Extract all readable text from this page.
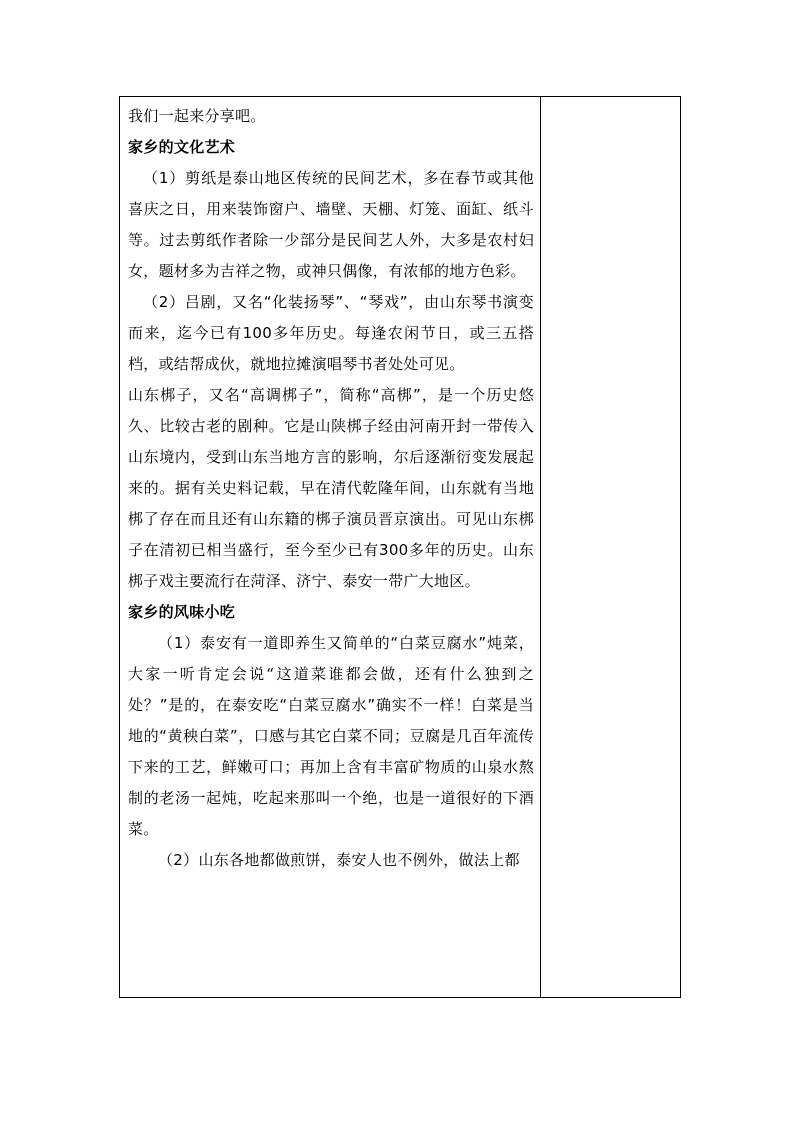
我们一起来分享吧。

家乡的文化艺术

（1）剪纸是泰山地区传统的民间艺术，多在春节或其他喜庆之日，用来装饰窗户、墙壁、天棚、灯笼、面缸、纸斗等。过去剪纸作者除一少部分是民间艺人外，大多是农村妇女，题材多为吉祥之物，或神只偶像，有浓郁的地方色彩。

（2）吕剧，又名“化装扬琴”、“琴戏”，由山东琴书演变而来，迄今已有100多年历史。每逢农闲节日，或三五搭档，或结帮成伙，就地拉摊演唱琴书者处处可见。

山东梆子，又名“高调梆子”，简称“高梆”，是一个历史悠久、比较古老的剧种。它是山陕梆子经由河南开封一带传入山东境内，受到山东当地方言的影响，尔后逐渐衍变发展起来的。据有关史料记载，早在清代乾隆年间，山东就有当地梆了存在而且还有山东籍的梆子演员晋京演出。可见山东梆子在清初已相当盛行，至今至少已有300多年的历史。山东梆子戏主要流行在菏泽、济宁、泰安一带广大地区。

家乡的风味小吃

（1）泰安有一道即养生又简单的“白菜豆腐水”炖菜，大家一听肯定会说“这道菜谁都会做，还有什么独到之处？”是的，在泰安吃“白菜豆腐水”确实不一样！白菜是当地的“黄秧白菜”，口感与其它白菜不同；豆腐是几百年流传下来的工艺，鲜嫩可口；再加上含有丰富矿物质的山泉水熬制的老汤一起炖，吃起来那叫一个绝，也是一道很好的下酒菜。

（2）山东各地都做煎饼，泰安人也不例外，做法上都
